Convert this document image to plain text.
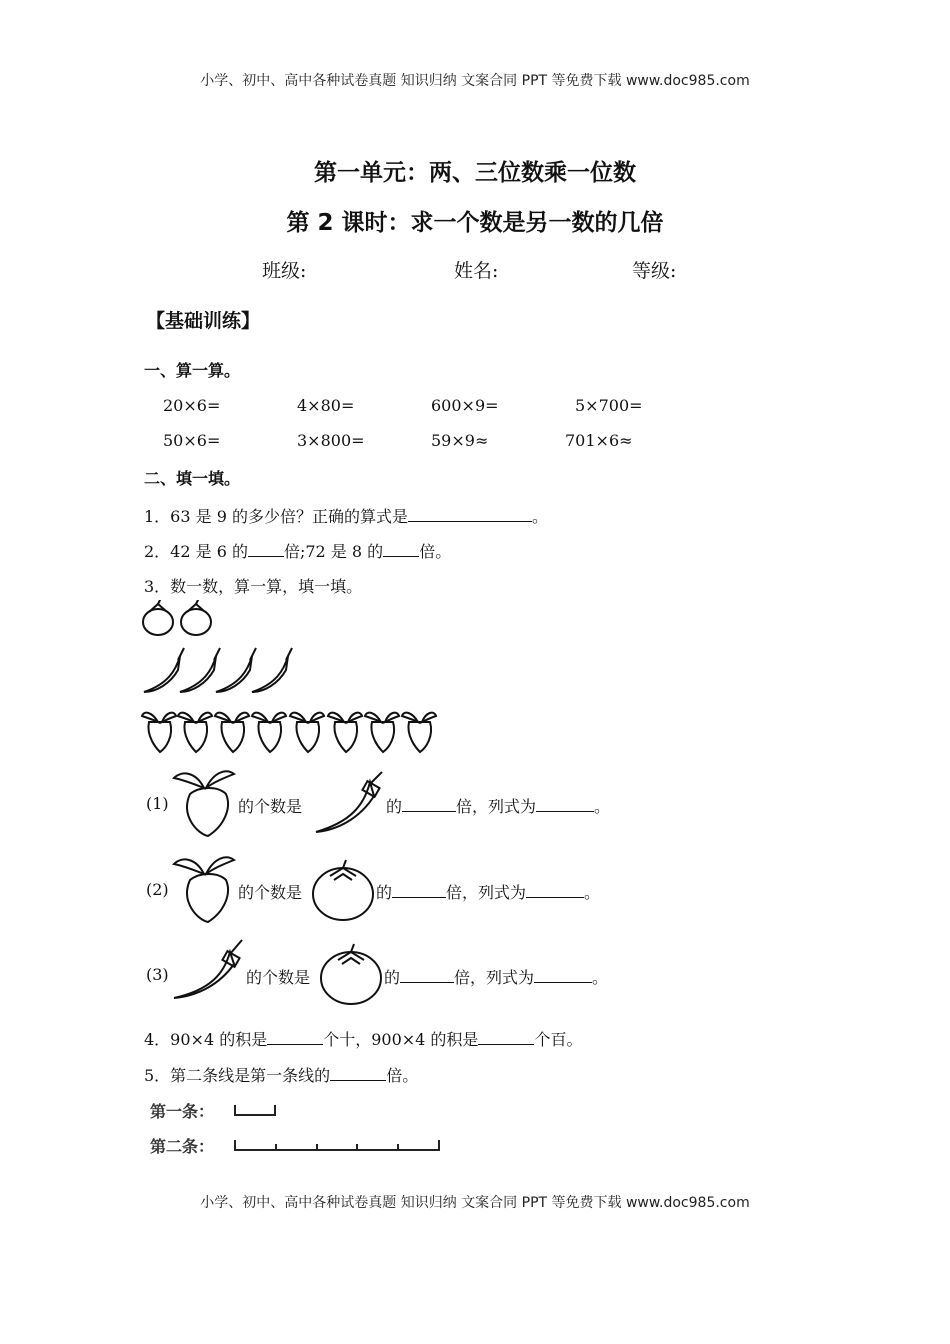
小学、初中、高中各种试卷真题 知识归纳 文案合同 PPT 等免费下载 www.doc985.com
小学、初中、高中各种试卷真题 知识归纳 文案合同 PPT 等免费下载 www.doc985.com
第一单元：两、三位数乘一位数
第 2 课时：求一个数是另一数的几倍
班级:	姓名:	等级:
【基础训练】
一、算一算。
20×6=	4×80=	600×9=	5×700=
50×6=	3×800=	59×9≈	701×6≈
二、填一填。
1．63 是 9 的多少倍？正确的算式是	。
2．42 是 6 的 倍;72 是 8 的 倍。
3．数一数，算一算，填一填。
(1)	的个数是	的	倍，列式为	。
(2)	的个数是	的	倍，列式为	。
(3)	的个数是	的	倍，列式为	。
4．90×4 的积是	个十，900×4 的积是	个百。
5．第二条线是第一条线的	倍。
第一条：
第二条：
